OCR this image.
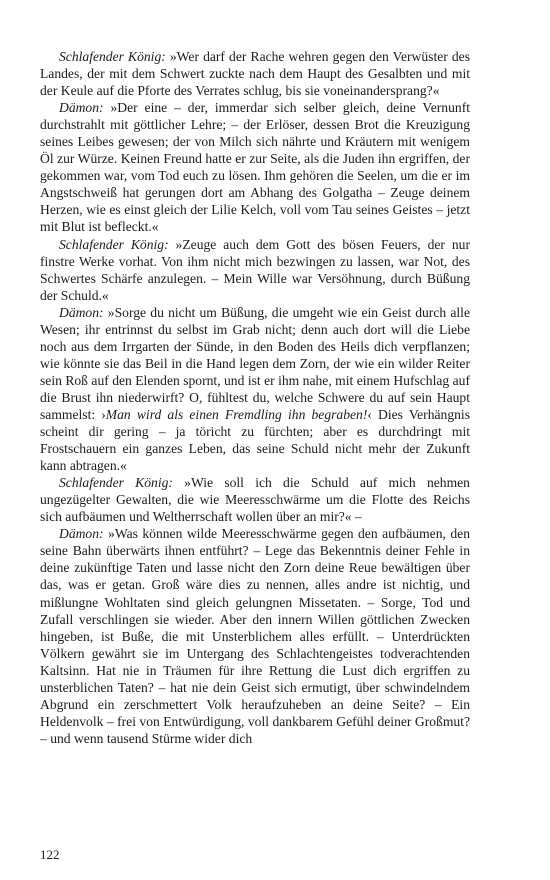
Schlafender König: »Wer darf der Rache wehren gegen den Verwüster des Landes, der mit dem Schwert zuckte nach dem Haupt des Gesalbten und mit der Keule auf die Pforte des Verrates schlug, bis sie voneinandersprang?«

Dämon: »Der eine – der, immerdar sich selber gleich, deine Vernunft durchstrahlt mit göttlicher Lehre; – der Erlöser, dessen Brot die Kreuzigung seines Leibes gewesen; der von Milch sich nährte und Kräutern mit wenigem Öl zur Würze. Keinen Freund hatte er zur Seite, als die Juden ihn ergriffen, der gekommen war, vom Tod euch zu lösen. Ihm gehören die Seelen, um die er im Angstschweiß hat gerungen dort am Abhang des Golgatha – Zeuge deinem Herzen, wie es einst gleich der Lilie Kelch, voll vom Tau seines Geistes – jetzt mit Blut ist befleckt.«

Schlafender König: »Zeuge auch dem Gott des bösen Feuers, der nur finstre Werke vorhat. Von ihm nicht mich bezwingen zu lassen, war Not, des Schwertes Schärfe anzulegen. – Mein Wille war Versöhnung, durch Büßung der Schuld.«

Dämon: »Sorge du nicht um Büßung, die umgeht wie ein Geist durch alle Wesen; ihr entrinnst du selbst im Grab nicht; denn auch dort will die Liebe noch aus dem Irrgarten der Sünde, in den Boden des Heils dich verpflanzen; wie könnte sie das Beil in die Hand legen dem Zorn, der wie ein wilder Reiter sein Roß auf den Elenden spornt, und ist er ihm nahe, mit einem Hufschlag auf die Brust ihn niederwirft? O, fühltest du, welche Schwere du auf sein Haupt sammelst: ›Man wird als einen Fremdling ihn begraben!‹ Dies Verhängnis scheint dir gering – ja töricht zu fürchten; aber es durchdringt mit Frostschauern ein ganzes Leben, das seine Schuld nicht mehr der Zukunft kann abtragen.«

Schlafender König: »Wie soll ich die Schuld auf mich nehmen ungezügelter Gewalten, die wie Meeresschwärme um die Flotte des Reichs sich aufbäumen und Weltherrschaft wollen über an mir?« –

Dämon: »Was können wilde Meeresschwärme gegen den aufbäumen, den seine Bahn überwärts ihnen entführt? – Lege das Bekenntnis deiner Fehle in deine zukünftige Taten und lasse nicht den Zorn deine Reue bewältigen über das, was er getan. Groß wäre dies zu nennen, alles andre ist nichtig, und mißlungne Wohltaten sind gleich gelungnen Missetaten. – Sorge, Tod und Zufall verschlingen sie wieder. Aber den innern Willen göttlichen Zwecken hingeben, ist Buße, die mit Unsterblichem alles erfüllt. – Unterdrückten Völkern gewährt sie im Untergang des Schlachtengeistes todverachtenden Kaltsinn. Hat nie in Träumen für ihre Rettung die Lust dich ergriffen zu unsterblichen Taten? – hat nie dein Geist sich ermutigt, über schwindelndem Abgrund ein zerschmettert Volk heraufzuheben an deine Seite? – Ein Heldenvolk – frei von Entwürdigung, voll dankbarem Gefühl deiner Großmut? – und wenn tausend Stürme wider dich

122
